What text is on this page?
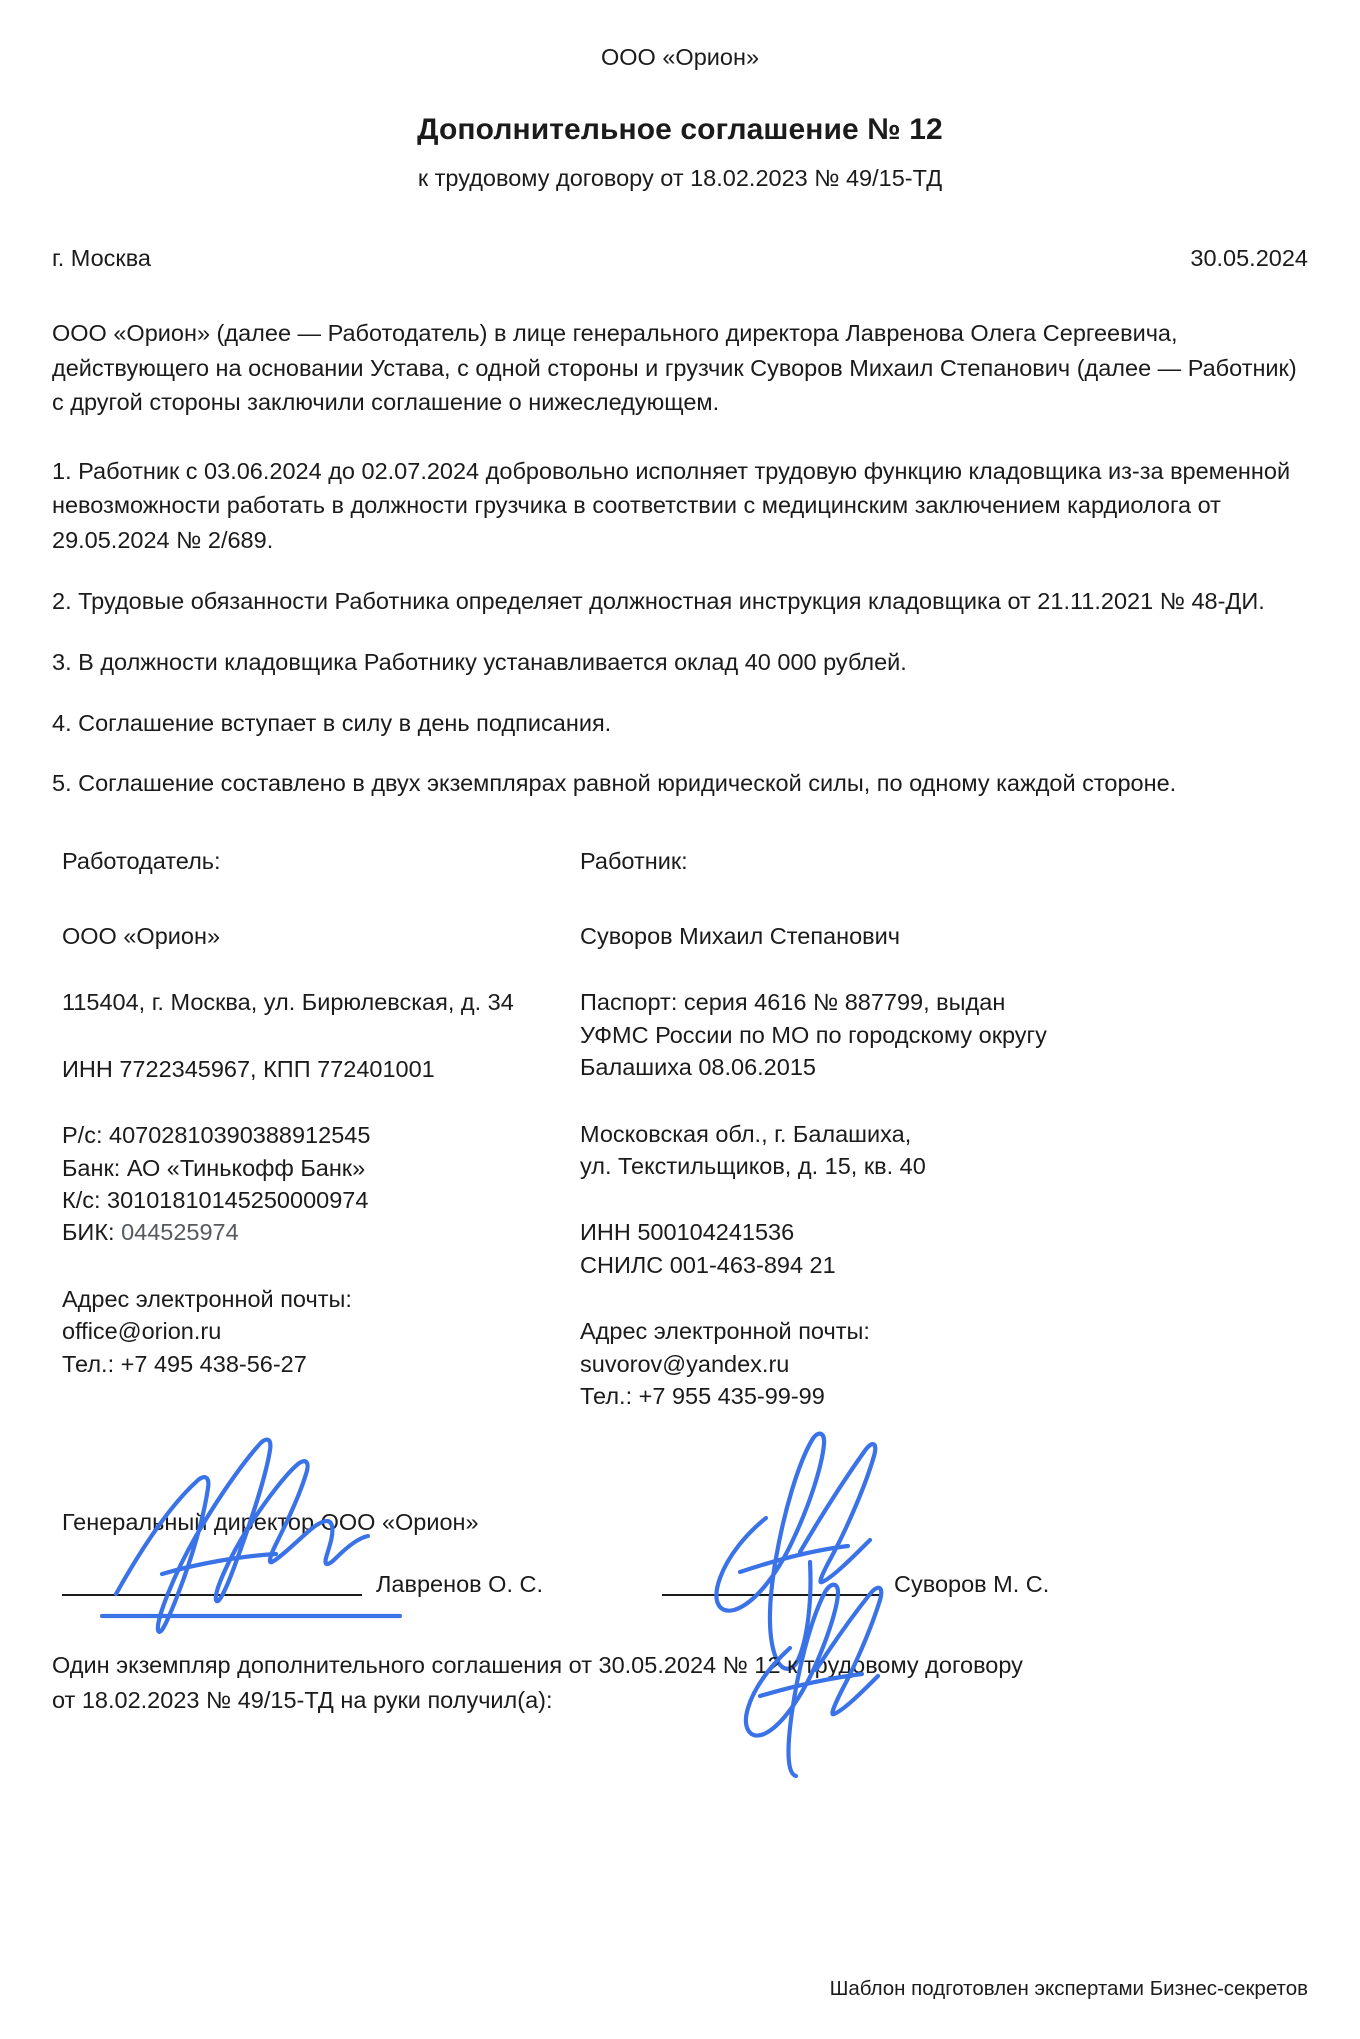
ООО «Орион»
Дополнительное соглашение № 12
к трудовому договору от 18.02.2023 № 49/15-ТД
г. Москва	30.05.2024

ООО «Орион» (далее — Работодатель) в лице генерального директора Лавренова Олега Сергеевича, действующего на основании Устава, с одной стороны и грузчик Суворов Михаил Степанович (далее — Работник) с другой стороны заключили соглашение о нижеследующем.

1. Работник с 03.06.2024 до 02.07.2024 добровольно исполняет трудовую функцию кладовщика из-за временной невозможности работать в должности грузчика в соответствии с медицинским заключением кардиолога от 29.05.2024 № 2/689.

2. Трудовые обязанности Работника определяет должностная инструкция кладовщика от 21.11.2021 № 48-ДИ.

3. В должности кладовщика Работнику устанавливается оклад 40 000 рублей.

4. Соглашение вступает в силу в день подписания.

5. Соглашение составлено в двух экземплярах равной юридической силы, по одному каждой стороне.

Работодатель:
ООО «Орион»
115404, г. Москва, ул. Бирюлевская, д. 34
ИНН 7722345967, КПП 772401001
Р/с: 40702810390388912545
Банк: АО «Тинькофф Банк»
К/с: 30101810145250000974
БИК: 044525974
Адрес электронной почты:
office@orion.ru
Тел.: +7 495 438-56-27
Работник:
Суворов Михаил Степанович
Паспорт: серия 4616 № 887799, выдан
УФМС России по МО по городскому округу
Балашиха 08.06.2015
Московская обл., г. Балашиха,
ул. Текстильщиков, д. 15, кв. 40
ИНН 500104241536
СНИЛС 001-463-894 21
Адрес электронной почты:
suvorov@yandex.ru
Тел.: +7 955 435-99-99
Генеральный директор ООО «Орион»
Лавренов О. С.	Суворов М. С.
Один экземпляр дополнительного соглашения от 30.05.2024 № 12 к трудовому договору
от 18.02.2023 № 49/15-ТД на руки получил(а):
Шаблон подготовлен экспертами Бизнес-секретов
